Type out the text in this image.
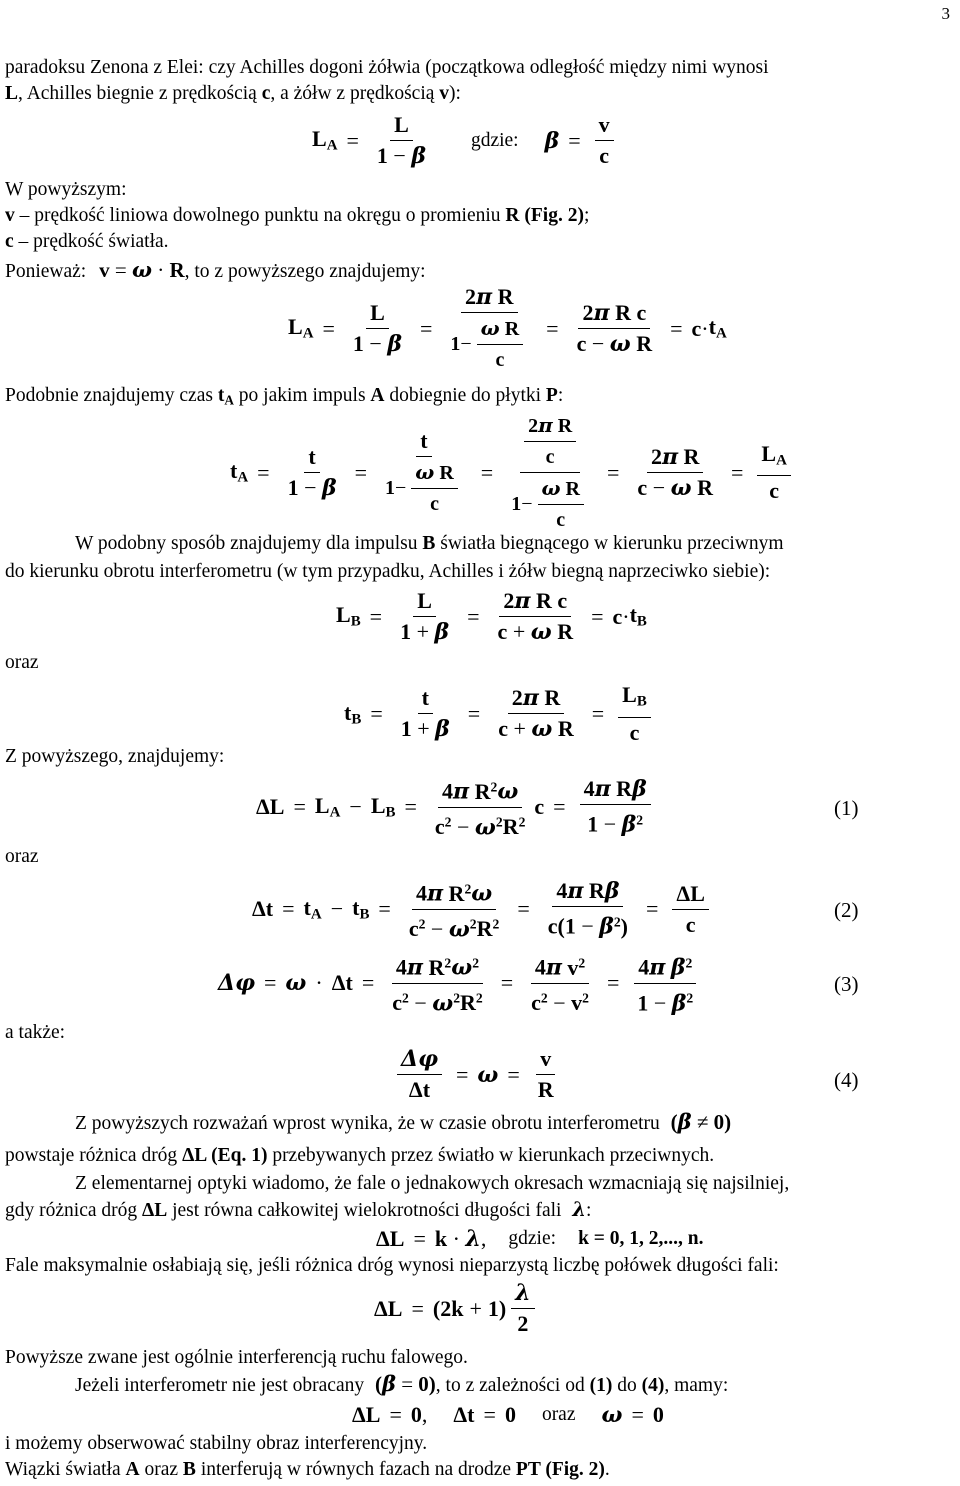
3
paradoksu Zenona z Elei: czy Achilles dogoni żółwia (początkowa odległość między nimi wynosi
L, Achilles biegnie z prędkością c, a żółw z prędkością v):
$L_A = \frac{L}{1 - \beta}$ gdzie: $\beta = \frac{v}{c}$
W powyższym:
v – prędkość liniowa dowolnego punktu na okręgu o promieniu R (Fig. 2);
c – prędkość światła.
Ponieważ: v = ω · R, to z powyższego znajdujemy:
$L_A = \frac{L}{1 - \beta} = \frac{\text{2π R}}{1 - \frac{\text{ω R}}{c}} = \frac{\text{2π R c}}{\text{c − ω R}} = c \cdot t_A$
Podobnie znajdujemy czas $t_A$ po jakim impuls A dobiegnie do płytki P:
$t_A = \frac{t}{1 - \beta} = \frac{t}{1 - \frac{\text{ω R}}{c}} = \frac{\frac{\text{2π R}}{c}}{1 - \frac{\text{ω R}}{c}} = \frac{\text{2π R}}{\text{c − ω R}} = \frac{L_A}{c}$
W podobny sposób znajdujemy dla impulsu B światła biegnącego w kierunku przeciwnym
do kierunku obrotu interferometru (w tym przypadku, Achilles i żółw biegną naprzeciwko siebie):
$L_B = \frac{L}{1 + \beta} = \frac{\text{2π R c}}{\text{c + ω R}} = c \cdot t_B$
oraz
$t_B = \frac{t}{1 + \beta} = \frac{\text{2π R}}{\text{c + ω R}} = \frac{L_B}{c}$
Z powyższego, znajdujemy:
$\Delta L = L_A - L_B = \frac{4\pi R^2\omega}{c^2 - \omega^2R^2}$ $c = \frac{\text{4π Rβ}}{1 - \beta^2}$	(1)
oraz
$\Delta t = t_A - t_B = \frac{4\pi R^2\omega}{c^2 - \omega^2R^2} = \frac{\text{4π Rβ}}{c(1 - \beta^2)} = \frac{\Delta L}{c}$	(2)
$\Delta\varphi = \omega \cdot \Delta t = \frac{4\pi R^2\omega^2}{c^2 - \omega^2R^2} = \frac{4\pi v^2}{c^2 - v^2} = \frac{4\pi \beta^2}{1 - \beta^2}$	(3)
a także:
$\frac{\Delta\varphi}{\Delta t} = \omega = \frac{v}{R}$	(4)
Z powyższych rozważań wprost wynika, że w czasie obrotu interferometru (β ≠ 0)
powstaje różnica dróg ΔL (Eq. 1) przebywanych przez światło w kierunkach przeciwnych.
Z elementarnej optyki wiadomo, że fale o jednakowych okresach wzmacniają się najsilniej,
gdy różnica dróg ΔL jest równa całkowitej wielokrotności długości fali λ:
ΔL = k · λ , gdzie: k = 0, 1, 2,..., n.
Fale maksymalnie osłabiają się, jeśli różnica dróg wynosi nieparzystą liczbę połówek długości fali:
$\Delta L = (2k + 1) \frac{\lambda}{2}$
Powyższe zwane jest ogólnie interferencją ruchu falowego.
Jeżeli interferometr nie jest obracany (β = 0), to z zależności od (1) do (4), mamy:
ΔL = 0 , Δt = 0 oraz ω = 0
i możemy obserwować stabilny obraz interferencyjny.
Wiązki światła A oraz B interferują w równych fazach na drodze PT (Fig. 2).
